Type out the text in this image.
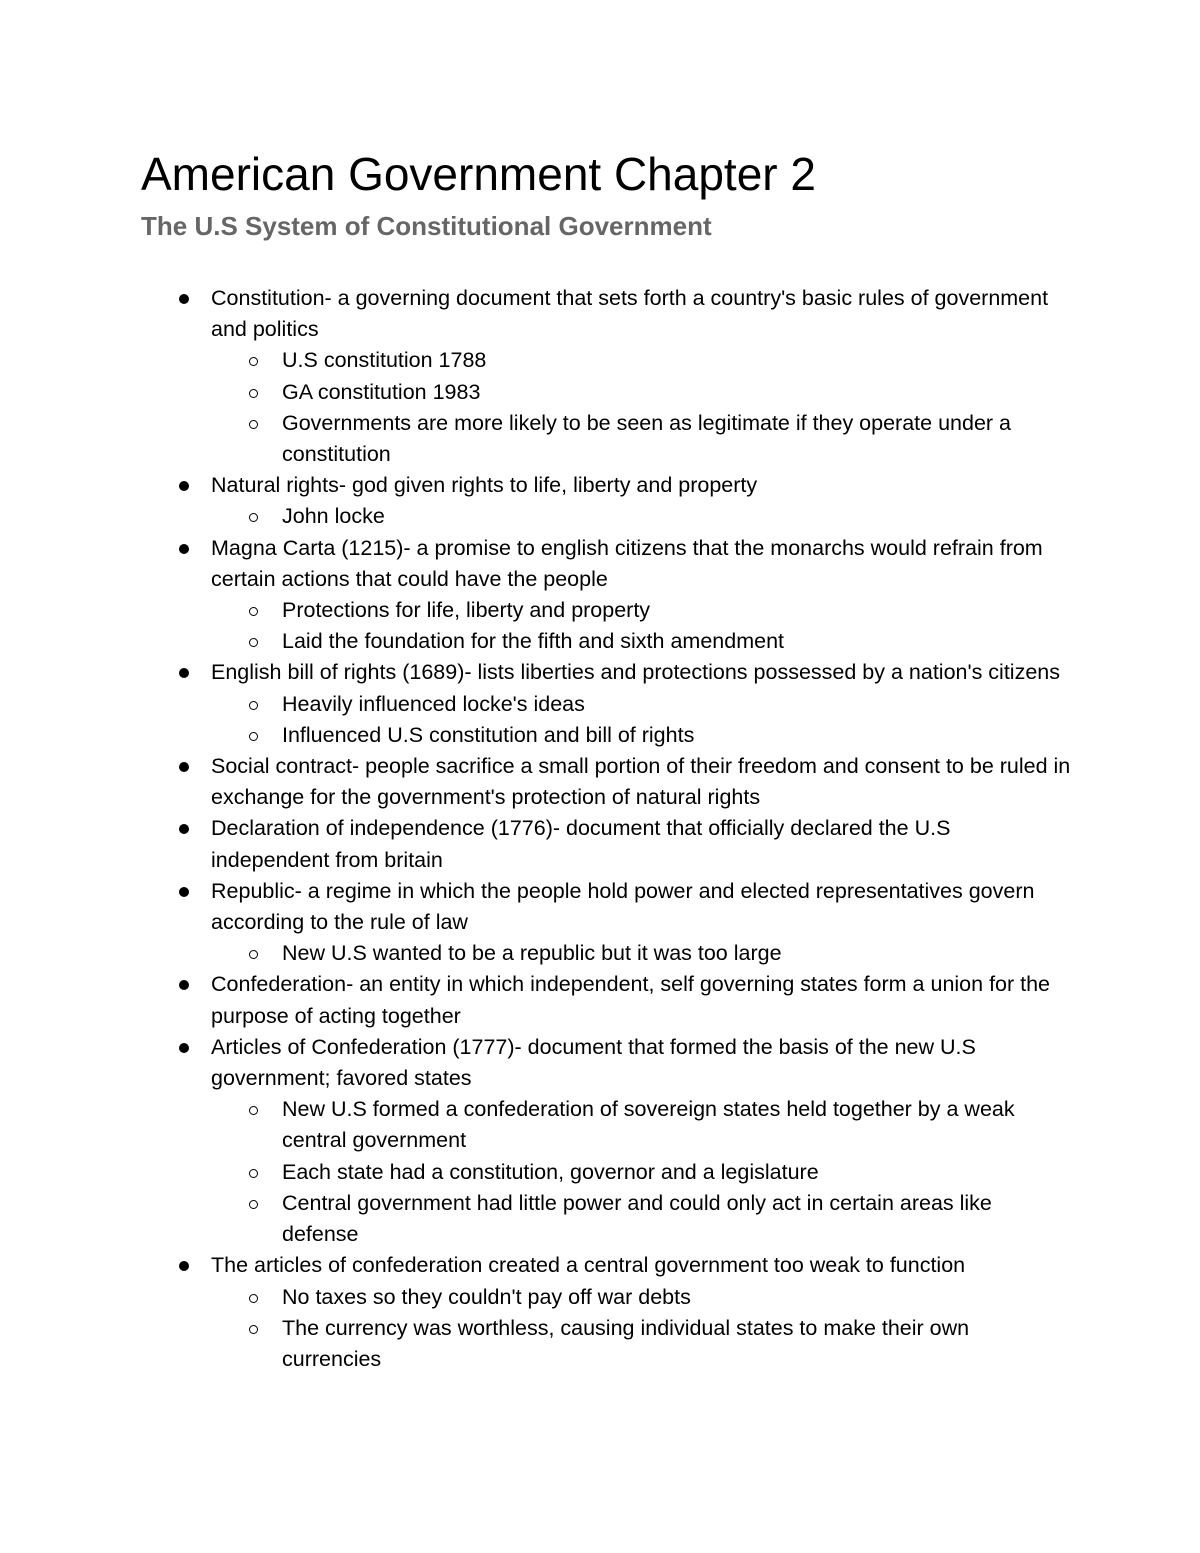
American Government Chapter 2
The U.S System of Constitutional Government
Constitution- a governing document that sets forth a country's basic rules of government and politics
U.S constitution 1788
GA constitution 1983
Governments are more likely to be seen as legitimate if they operate under a constitution
Natural rights- god given rights to life, liberty and property
John locke
Magna Carta (1215)- a promise to english citizens that the monarchs would refrain from certain actions that could have the people
Protections for life, liberty and property
Laid the foundation for the fifth and sixth amendment
English bill of rights (1689)- lists liberties and protections possessed by a nation's citizens
Heavily influenced locke's ideas
Influenced U.S constitution and bill of rights
Social contract- people sacrifice a small portion of their freedom and consent to be ruled in exchange for the government's protection of natural rights
Declaration of independence (1776)- document that officially declared the U.S independent from britain
Republic- a regime in which the people hold power and elected representatives govern according to the rule of law
New U.S wanted to be a republic but it was too large
Confederation- an entity in which independent, self governing states form a union for the purpose of acting together
Articles of Confederation (1777)- document that formed the basis of the new U.S government; favored states
New U.S formed a confederation of sovereign states held together by a weak central government
Each state had a constitution, governor and a legislature
Central government had little power and could only act in certain areas like defense
The articles of confederation created a central government too weak to function
No taxes so they couldn't pay off war debts
The currency was worthless, causing individual states to make their own currencies
